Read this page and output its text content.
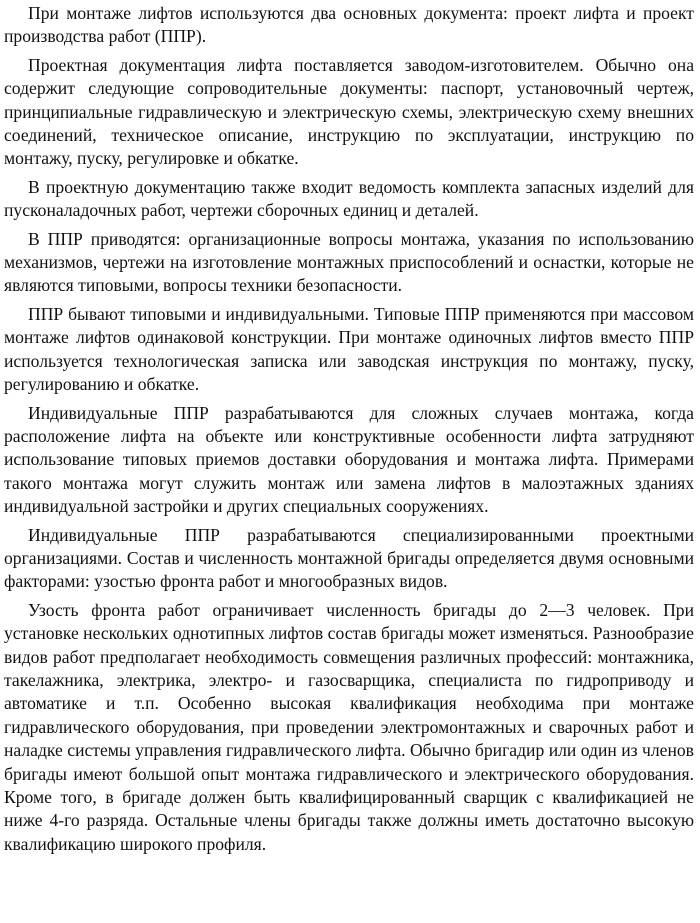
При монтаже лифтов используются два основных документа: проект лифта и проект производства работ (ППР).

Проектная документация лифта поставляется заводом-изготовителем. Обычно она содержит следующие сопроводительные документы: паспорт, установочный чертеж, принципиальные гидравлическую и электрическую схемы, электрическую схему внешних соединений, техническое описание, инструкцию по эксплуатации, инструкцию по монтажу, пуску, регулировке и обкатке.

В проектную документацию также входит ведомость комплекта запасных изделий для пусконаладочных работ, чертежи сборочных единиц и деталей.

В ППР приводятся: организационные вопросы монтажа, указания по использованию механизмов, чертежи на изготовление монтажных приспособлений и оснастки, которые не являются типовыми, вопросы техники безопасности.

ППР бывают типовыми и индивидуальными. Типовые ППР применяются при массовом монтаже лифтов одинаковой конструкции. При монтаже одиночных лифтов вместо ППР используется технологическая записка или заводская инструкция по монтажу, пуску, регулированию и обкатке.

Индивидуальные ППР разрабатываются для сложных случаев монтажа, когда расположение лифта на объекте или конструктивные особенности лифта затрудняют использование типовых приемов доставки оборудования и монтажа лифта. Примерами такого монтажа могут служить монтаж или замена лифтов в малоэтажных зданиях индивидуальной застройки и других специальных сооружениях.

Индивидуальные ППР разрабатываются специализированными проектными организациями. Состав и численность монтажной бригады определяется двумя основными факторами: узостью фронта работ и многообразных видов.

Узость фронта работ ограничивает численность бригады до 2—3 человек. При установке нескольких однотипных лифтов состав бригады может изменяться. Разнообразие видов работ предполагает необходимость совмещения различных профессий: монтажника, такелажника, электрика, электро- и газосварщика, специалиста по гидроприводу и автоматике и т.п. Особенно высокая квалификация необходима при монтаже гидравлического оборудования, при проведении электромонтажных и сварочных работ и наладке системы управления гидравлического лифта. Обычно бригадир или один из членов бригады имеют большой опыт монтажа гидравлического и электрического оборудования. Кроме того, в бригаде должен быть квалифицированный сварщик с квалификацией не ниже 4-го разряда. Остальные члены бригады также должны иметь достаточно высокую квалификацию широкого профиля.
